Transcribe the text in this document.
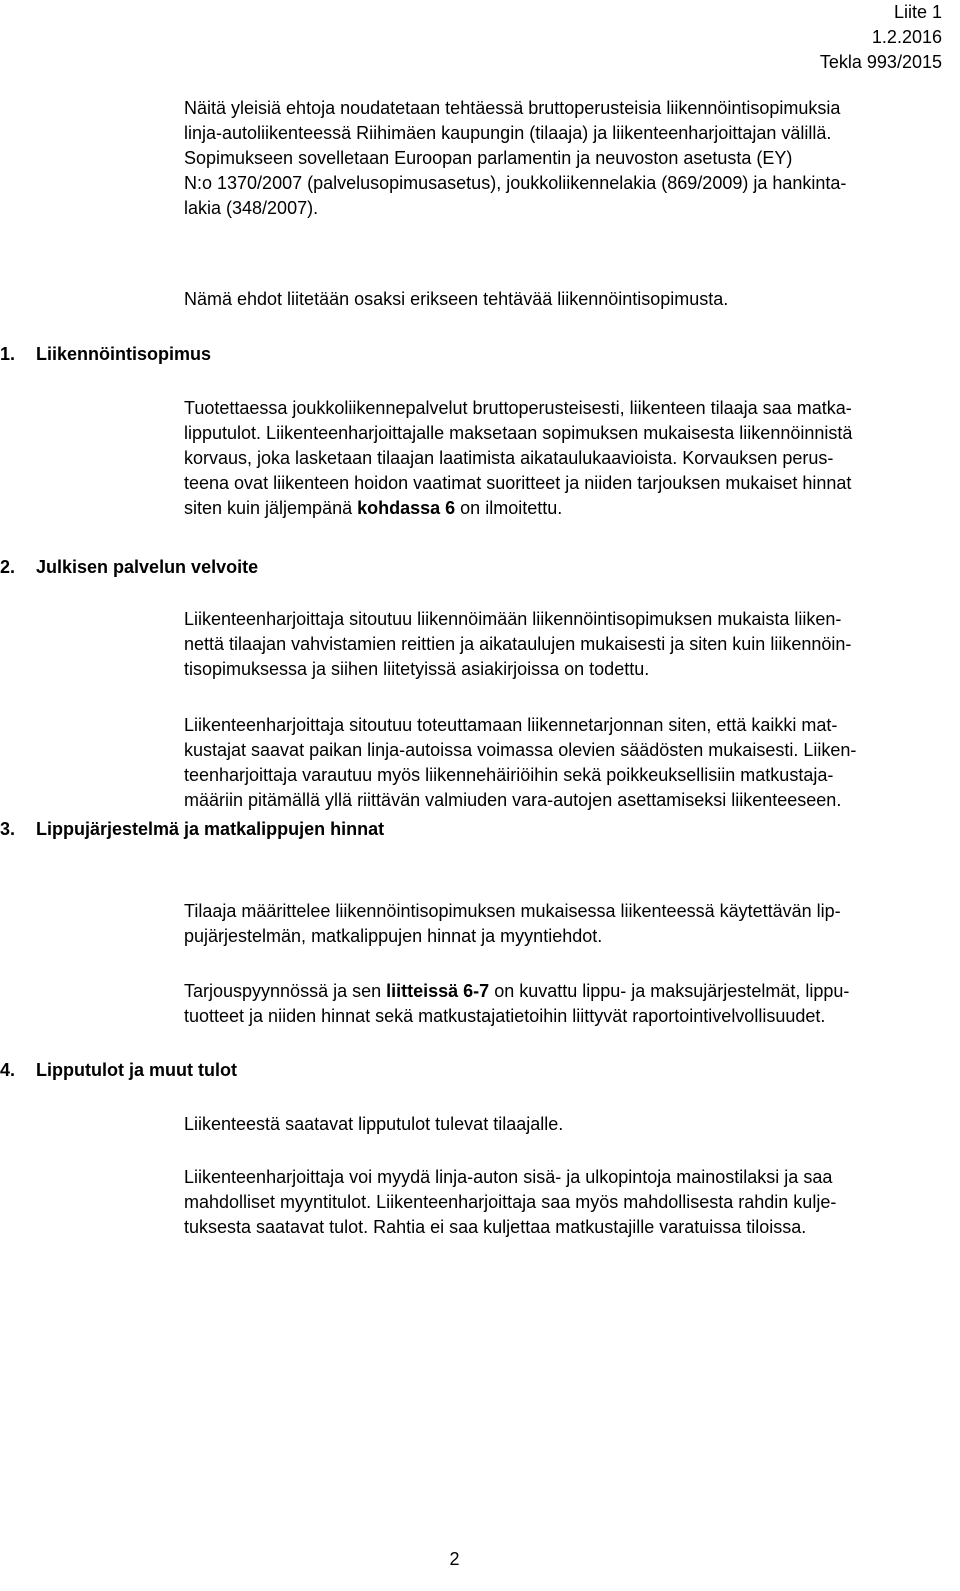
Liite 1
1.2.2016
Tekla 993/2015

Näitä yleisiä ehtoja noudatetaan tehtäessä bruttoperusteisia liikennöintisopimuksia
linja-autoliikenteessä Riihimäen kaupungin (tilaaja) ja liikenteenharjoittajan välillä.
Sopimukseen sovelletaan Euroopan parlamentin ja neuvoston asetusta (EY)
N:o 1370/2007 (palvelusopimusasetus), joukkoliikennelakia (869/2009) ja hankinta-
lakia (348/2007).

Nämä ehdot liitetään osaksi erikseen tehtävää liikennöintisopimusta.

1. Liikennöintisopimus

Tuotettaessa joukkoliikennepalvelut bruttoperusteisesti, liikenteen tilaaja saa matka-
lipputulot. Liikenteenharjoittajalle maksetaan sopimuksen mukaisesta liikennöinnistä
korvaus, joka lasketaan tilaajan laatimista aikataulukaavioista. Korvauksen perus-
teena ovat liikenteen hoidon vaatimat suoritteet ja niiden tarjouksen mukaiset hinnat
siten kuin jäljempänä kohdassa 6 on ilmoitettu.

2. Julkisen palvelun velvoite

Liikenteenharjoittaja sitoutuu liikennöimään liikennöintisopimuksen mukaista liiken-
nettä tilaajan vahvistamien reittien ja aikataulujen mukaisesti ja siten kuin liikennöin-
tisopimuksessa ja siihen liitetyissä asiakirjoissa on todettu.

Liikenteenharjoittaja sitoutuu toteuttamaan liikennetarjonnan siten, että kaikki mat-
kustajat saavat paikan linja-autoissa voimassa olevien säädösten mukaisesti. Liiken-
teenharjoittaja varautuu myös liikennehäiriöihin sekä poikkeuksellisiin matkustaja-
määriin pitämällä yllä riittävän valmiuden vara-autojen asettamiseksi liikenteeseen.

3. Lippujärjestelmä ja matkalippujen hinnat

Tilaaja määrittelee liikennöintisopimuksen mukaisessa liikenteessä käytettävän lip-
pujärjestelmän, matkalippujen hinnat ja myyntiehdot.

Tarjouspyynnössä ja sen liitteissä 6-7 on kuvattu lippu- ja maksujärjestelmät, lippu-
tuotteet ja niiden hinnat sekä matkustajatietoihin liittyvät raportointivelvollisuudet.

4. Lipputulot ja muut tulot

Liikenteestä saatavat lipputulot tulevat tilaajalle.

Liikenteenharjoittaja voi myydä linja-auton sisä- ja ulkopintoja mainostilaksi ja saa
mahdolliset myyntitulot. Liikenteenharjoittaja saa myös mahdollisesta rahdin kulje-
tuksesta saatavat tulot. Rahtia ei saa kuljettaa matkustajille varatuissa tiloissa.

2
